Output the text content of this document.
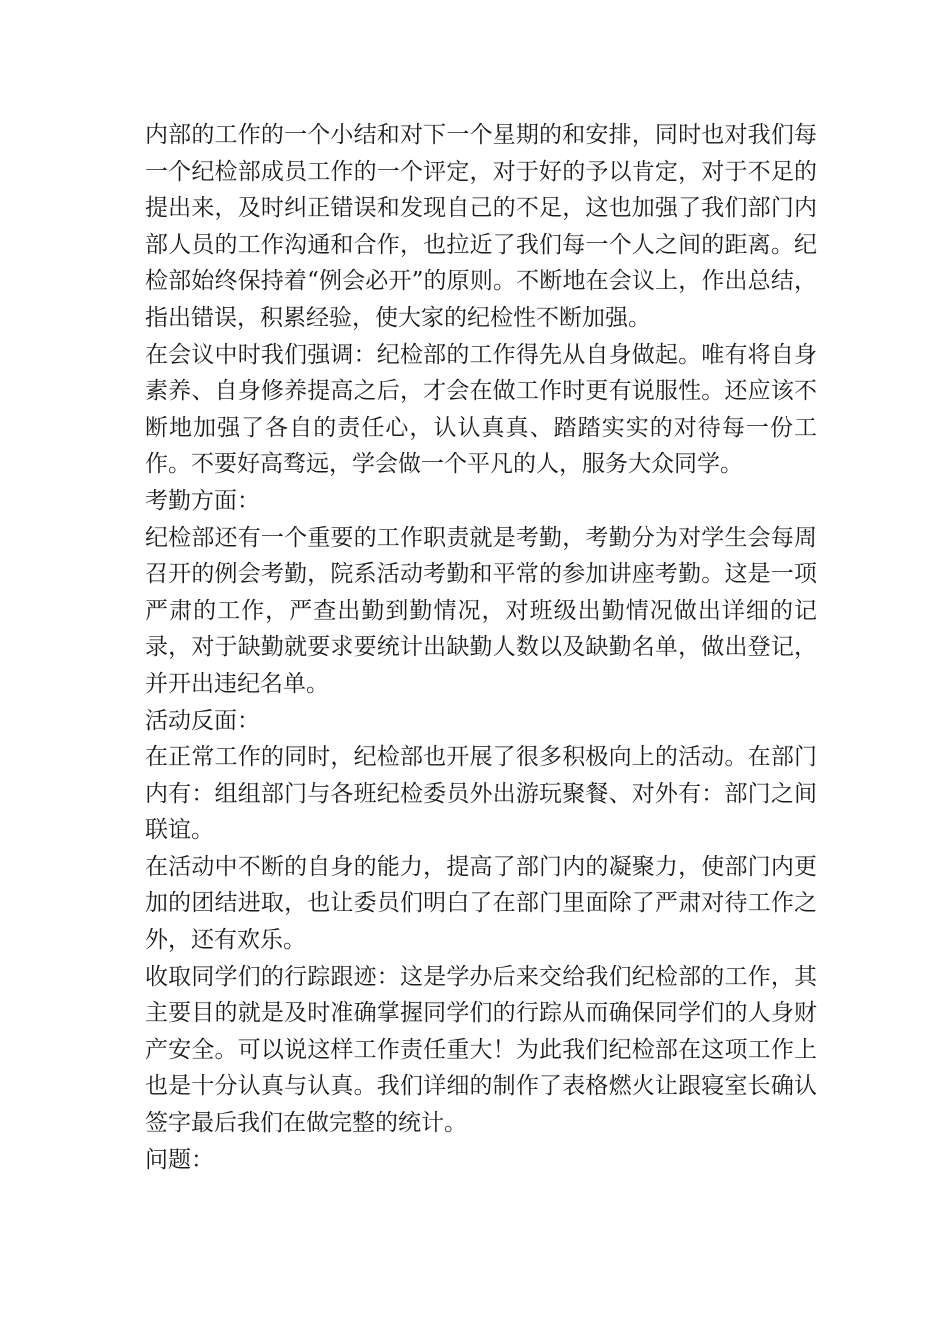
内部的工作的一个小结和对下一个星期的和安排，同时也对我们每一个纪检部成员工作的一个评定，对于好的予以肯定，对于不足的提出来，及时纠正错误和发现自己的不足，这也加强了我们部门内部人员的工作沟通和合作，也拉近了我们每一个人之间的距离。纪检部始终保持着“例会必开”的原则。不断地在会议上，作出总结，指出错误，积累经验，使大家的纪检性不断加强。

在会议中时我们强调：纪检部的工作得先从自身做起。唯有将自身素养、自身修养提高之后，才会在做工作时更有说服性。还应该不断地加强了各自的责任心，认认真真、踏踏实实的对待每一份工作。不要好高骛远，学会做一个平凡的人，服务大众同学。

考勤方面：

纪检部还有一个重要的工作职责就是考勤，考勤分为对学生会每周召开的例会考勤，院系活动考勤和平常的参加讲座考勤。这是一项严肃的工作，严查出勤到勤情况，对班级出勤情况做出详细的记录，对于缺勤就要求要统计出缺勤人数以及缺勤名单，做出登记，并开出违纪名单。

活动反面：

在正常工作的同时，纪检部也开展了很多积极向上的活动。在部门内有：组组部门与各班纪检委员外出游玩聚餐、对外有：部门之间联谊。

在活动中不断的自身的能力，提高了部门内的凝聚力，使部门内更加的团结进取，也让委员们明白了在部门里面除了严肃对待工作之外，还有欢乐。

收取同学们的行踪跟迹：这是学办后来交给我们纪检部的工作，其主要目的就是及时准确掌握同学们的行踪从而确保同学们的人身财产安全。可以说这样工作责任重大！为此我们纪检部在这项工作上也是十分认真与认真。我们详细的制作了表格燃火让跟寝室长确认签字最后我们在做完整的统计。

问题：
